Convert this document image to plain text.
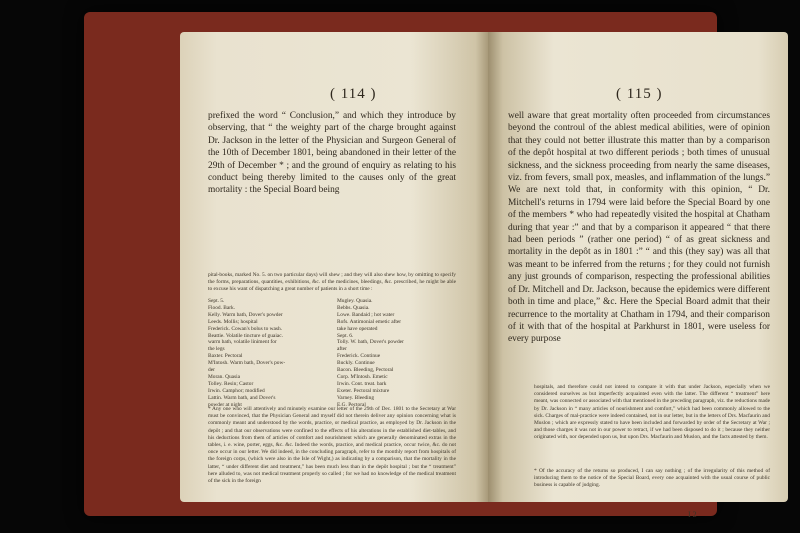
( 114 )

prefixed the word “ Conclusion,” and which they introduce by observing, that “ the weighty part of the charge brought against Dr. Jackson in the letter of the Physician and Surgeon General of the 10th of December 1801, being abandoned in their letter of the 29th of December * ; and the ground of enquiry as relating to his conduct being thereby limited to the causes only of the great mortality : the Special Board being

pital-books, marked No. 5. on two particular days) will shew ; and they will also shew how, by omitting to specify the forms, preparations, quantities, exhibitions, &c. of the medicines, bleedings, &c. prescribed, he might be able to excuse his want of dispatching a great number of patients in a short time :
Sept. 5.
Flood. Bark.
Kelly. Warm bath, Dover's powder
Leeds. Mollis; hospital
Frederick. Cowan's bolus to wash.
Beattie. Volatile tincture of guaiac.
warm bath, volatile liniment for
the legs
Baxter. Pectoral
M'Intosh. Warm bath, Dover's pow-
der
Moran. Quasia
Tolley. Resin; Castor
Irwin. Camphor; modified
Lattin. Warm bath, and Dover's
powder at night
Mugley. Quasia.
Bebbs. Quasia.
Lowe. Bandaid ; hot water
Rofs. Antimonial emetic after
take have operated
Sept. 6.
Tolly. W. bath, Dover's powder
after
Frederick. Continue
Buckly. Continue
Bacon. Bleeding, Pectoral
Corp. M'Intosh. Emetic
Irwin. Cont. treat. bark
Exeter. Pectoral mixture
Varney. Bleeding
E.G. Pectoral
* Any one who will attentively and minutely examine our letter of the 29th of Dec. 1801 to the Secretary at War must be convinced, that the Physician General and myself did not therein deliver any opinion concerning what is commonly meant and understood by the words, practice, or medical practice, as employed by Dr. Jackson in the depôt ; and that our observations were confined to the effects of his alterations in the established diet-tables, and his deductions from them of articles of comfort and nourishment which are generally denominated extras in the tables, i. e. wine, porter, eggs, &c. &c. Indeed the words, practice, and medical practice, occur twice, &c. do not once occur in our letter. We did indeed, in the concluding paragraph, refer to the monthly report from hospitals of the foreign corps, (which were also in the Isle of Wight,) as indicating by a comparison, that the mortality in the latter, “ under different diet and treatment,” has been much less than in the depôt hospital ; but the “ treatment” here alluded to, was not medical treatment properly so called ; for we had no knowledge of the medical treatment of the sick in the foreign
( 115 )

well aware that great mortality often proceeded from circumstances beyond the controul of the ablest medical abilities, were of opinion that they could not better illustrate this matter than by a comparison of the depôt hospital at two different periods ; both times of unusual sickness, and the sickness proceeding from nearly the same diseases, viz. from fevers, small pox, measles, and inflammation of the lungs.” We are next told that, in conformity with this opinion, “ Dr. Mitchell's returns in 1794 were laid before the Special Board by one of the members * who had repeatedly visited the hospital at Chatham during that year :” and that by a comparison it appeared “ that there had been periods ” (rather one period) “ of as great sickness and mortality in the depôt as in 1801 :” “ and this (they say) was all that was meant to be inferred from the returns ; for they could not furnish any just grounds of comparison, respecting the professional abilities of Dr. Mitchell and Dr. Jackson, because the epidemics were different both in time and place,” &c. Here the Special Board admit that their recurrence to the mortality at Chatham in 1794, and their comparison of it with that of the hospital at Parkhurst in 1801, were useless for every purpose

hospitals, and therefore could not intend to compare it with that under Jackson, especially when we considered ourselves as but imperfectly acquainted even with the latter. The different “ treatment” here meant, was connected or associated with that mentioned in the preceding paragraph, viz. the reductions made by Dr. Jackson in “ many articles of nourishment and comfort,” which had been commonly allowed to the sick. Charges of mal-practice were indeed contained, not in our letter, but in the letters of Drs. Macfaurin and Muslon ; which are expressly stated to have been included and forwarded by order of the Secretary at War ; and those charges it was not in our power to retract, if we had been disposed to do it ; because they neither originated with, nor depended upon us, but upon Drs. Macfaurin and Muslon, and the facts attested by them.
* Of the accuracy of the returns so produced, I can say nothing ; of the irregularity of this method of introducing them to the notice of the Special Board, every one acquainted with the usual course of public business is capable of judging.
I 2
